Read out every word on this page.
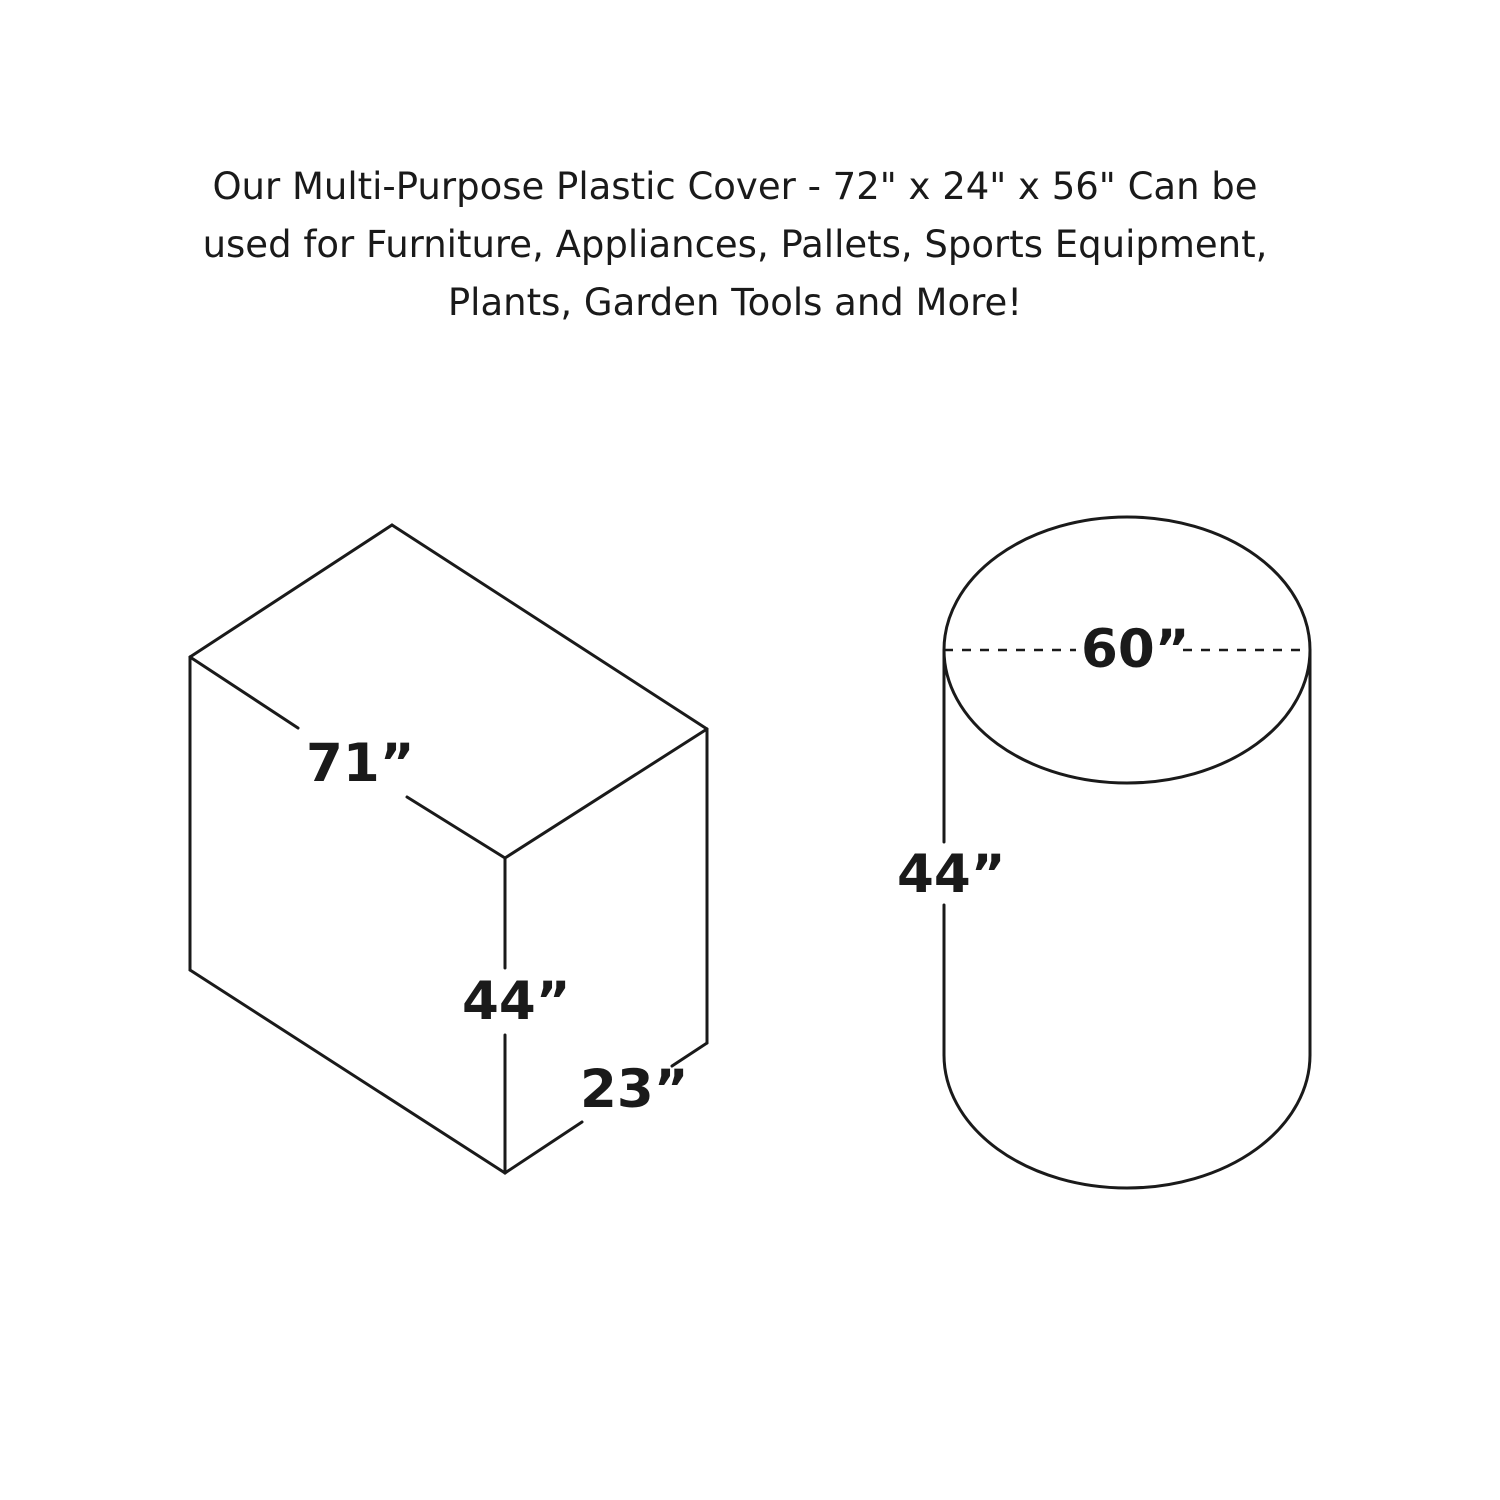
Our Multi-Purpose Plastic Cover - 72" x 24" x 56" Can be
used for Furniture, Appliances, Pallets, Sports Equipment,
Plants, Garden Tools and More!
71”
44”
23”
60”
44”
